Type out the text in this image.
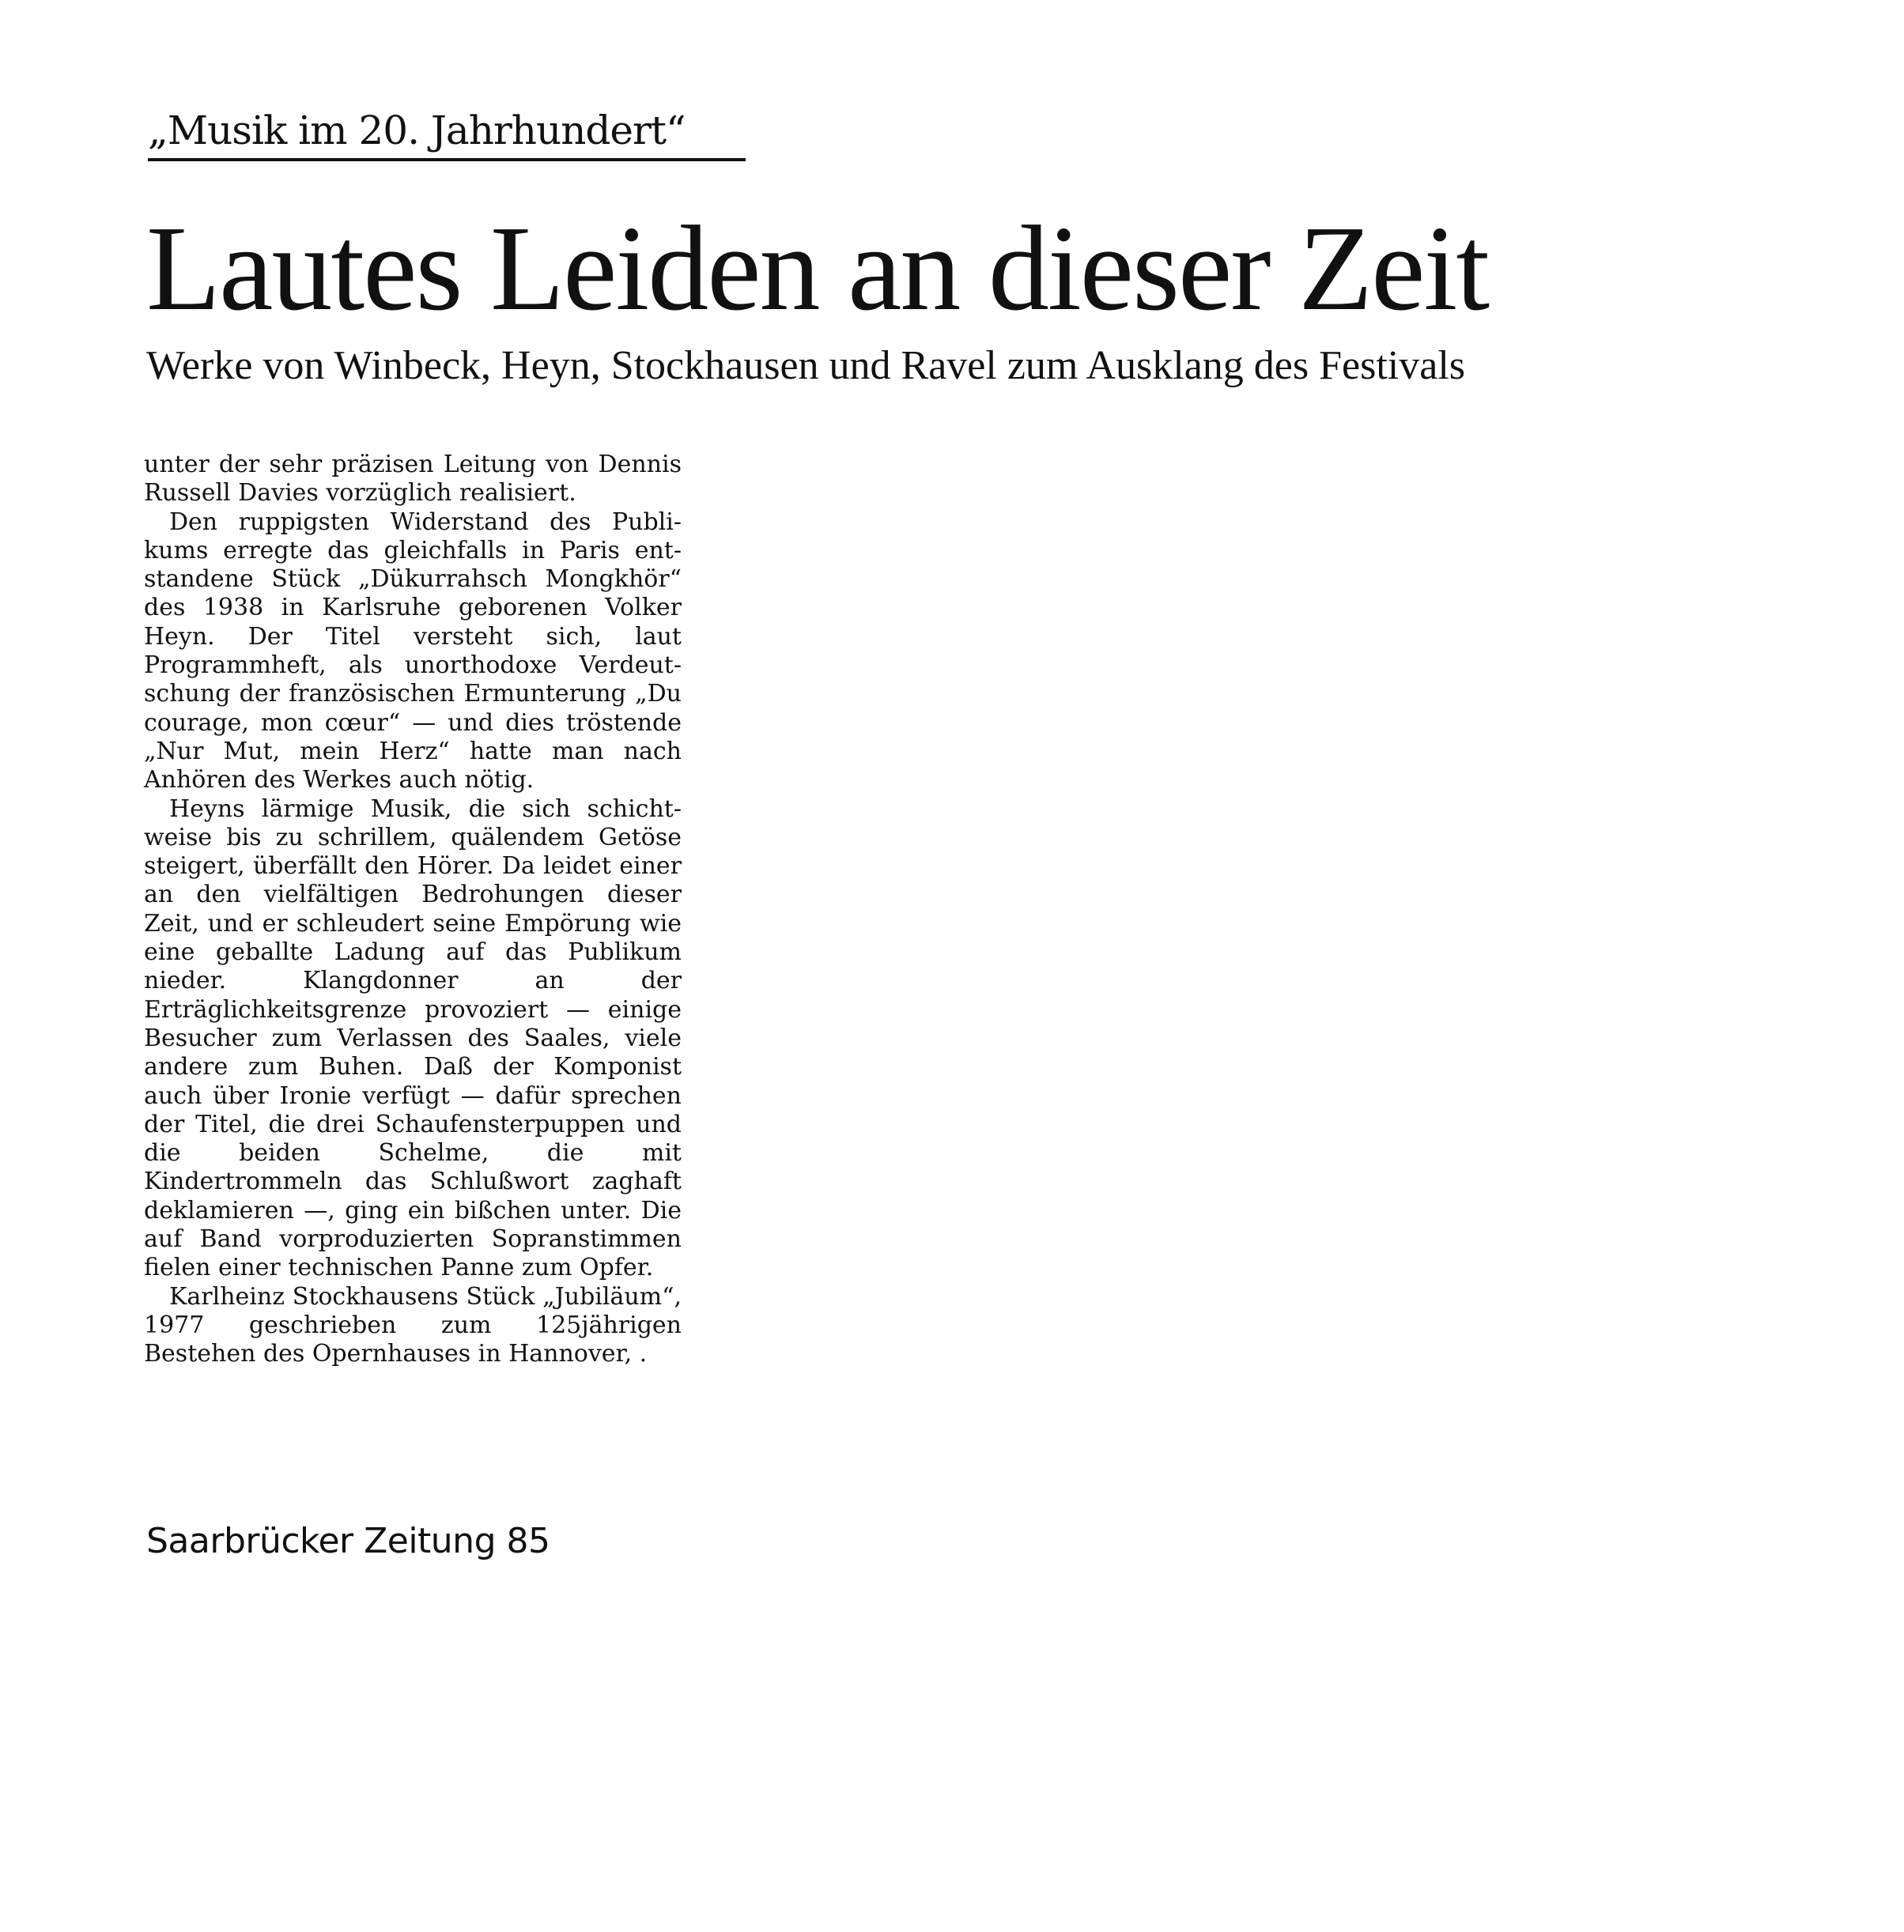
„Musik im 20. Jahrhundert“
Lautes Leiden an dieser Zeit
Werke von Winbeck, Heyn, Stockhausen und Ravel zum Ausklang des Festivals

unter der sehr präzisen Leitung von Dennis Russell Davies vorzüglich realisiert.

Den ruppigsten Widerstand des Publikums erregte das gleichfalls in Paris entstandene Stück „Dükurrahsch Mongkhör“ des 1938 in Karlsruhe geborenen Volker Heyn. Der Titel versteht sich, laut Programmheft, als unorthodoxe Verdeutschung der französischen Ermunterung „Du courage, mon cœur“ — und dies tröstende „Nur Mut, mein Herz“ hatte man nach Anhören des Werkes auch nötig.

Heyns lärmige Musik, die sich schichtweise bis zu schrillem, quälendem Getöse steigert, überfällt den Hörer. Da leidet einer an den vielfältigen Bedrohungen dieser Zeit, und er schleudert seine Empörung wie eine geballte Ladung auf das Publikum nieder. Klangdonner an der Erträglichkeitsgrenze provoziert — einige Besucher zum Verlassen des Saales, viele andere zum Buhen. Daß der Komponist auch über Ironie verfügt — dafür sprechen der Titel, die drei Schaufensterpuppen und die beiden Schelme, die mit Kindertrommeln das Schlußwort zaghaft deklamieren —, ging ein bißchen unter. Die auf Band vorproduzierten Sopranstimmen fielen einer technischen Panne zum Opfer.

Karlheinz Stockhausens Stück „Jubiläum“, 1977 geschrieben zum 125jährigen Bestehen des Opernhauses in Hannover, .

Saarbrücker Zeitung 85
